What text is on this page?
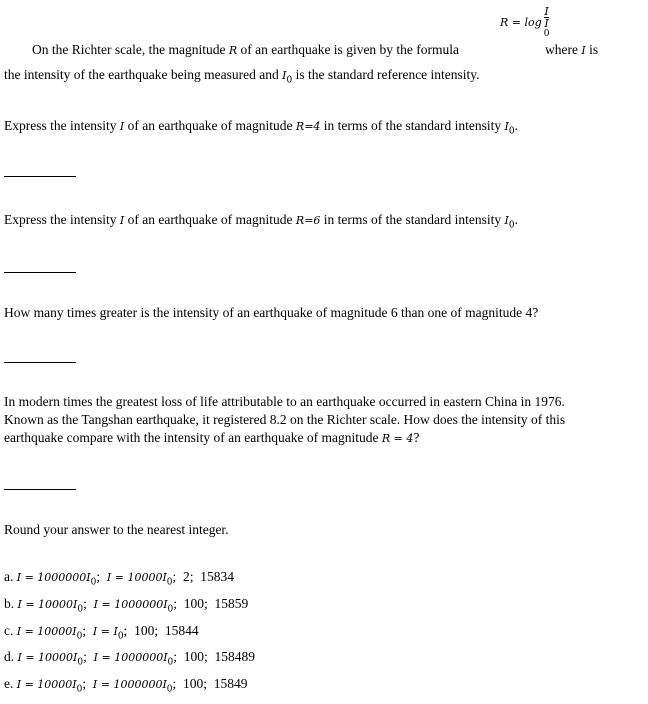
R = log I
I
0
On the Richter scale, the magnitude R of an earthquake is given by the formula	where I is
the intensity of the earthquake being measured and $I_0$ is the standard reference intensity.
Express the intensity I of an earthquake of magnitude R=4 in terms of the standard intensity $I_0$.
Express the intensity I of an earthquake of magnitude R=6 in terms of the standard intensity $I_0$.
How many times greater is the intensity of an earthquake of magnitude 6 than one of magnitude 4?
In modern times the greatest loss of life attributable to an earthquake occurred in eastern China in 1976.
Known as the Tangshan earthquake, it registered 8.2 on the Richter scale. How does the intensity of this
earthquake compare with the intensity of an earthquake of magnitude R = 4?
Round your answer to the nearest integer.
a. $I = 1000000I_0$;  $I = 10000I_0$;  2;  15834
b. $I = 10000I_0$;  $I = 1000000I_0$;  100;  15859
c. $I = 10000I_0$;  $I = I_0$;  100;  15844
d. $I = 10000I_0$;  $I = 1000000I_0$;  100;  158489
e. $I = 10000I_0$;  $I = 1000000I_0$;  100;  15849
